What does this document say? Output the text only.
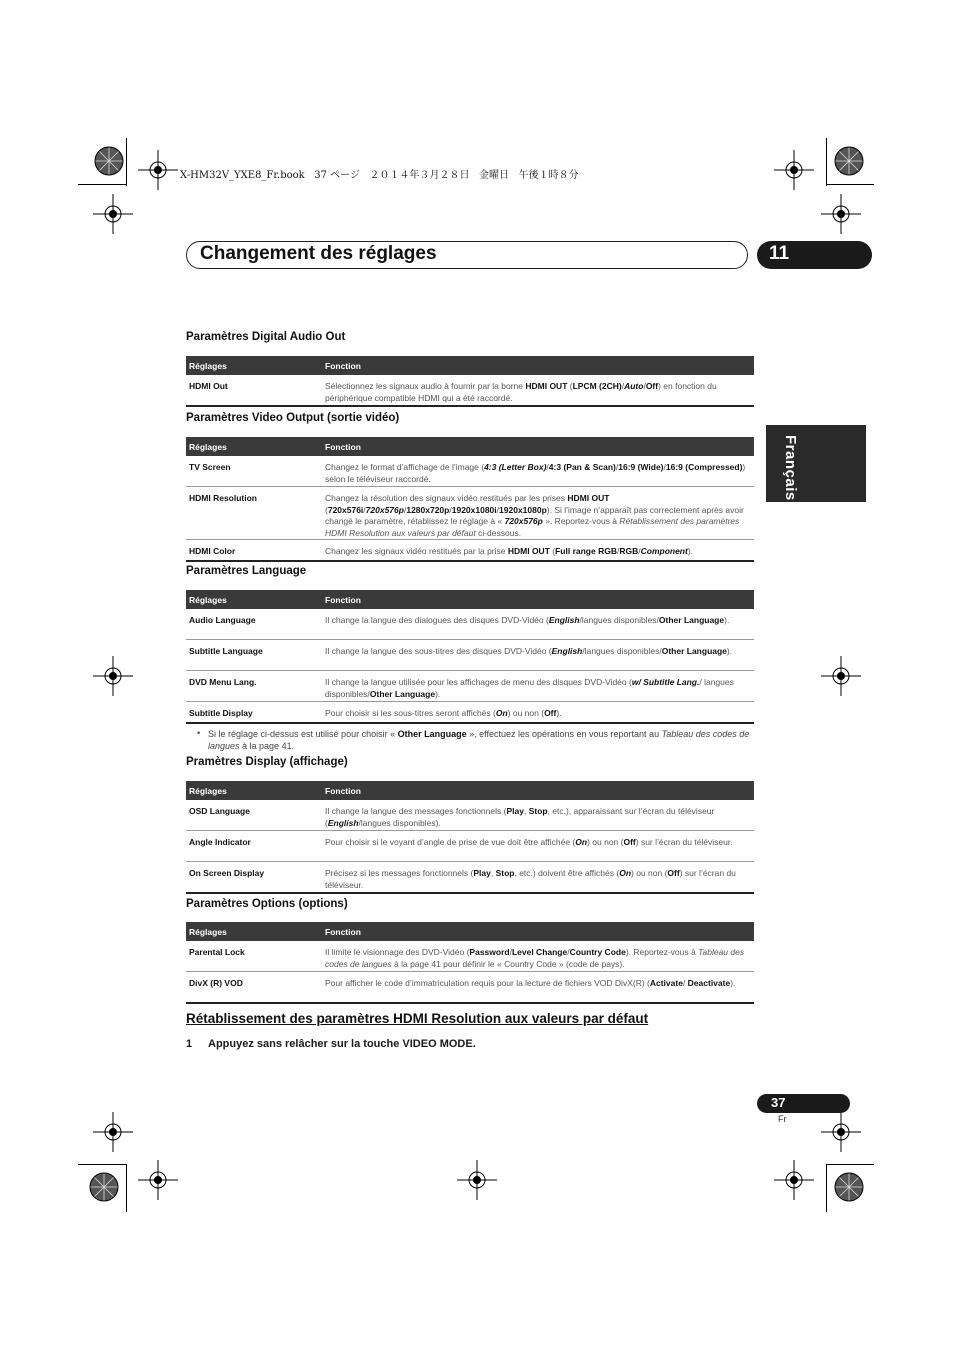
X-HM32V_YXE8_Fr.book   37 ページ   ２０１４年３月２８日   金曜日   午後１時８分
Changement des réglages	11
Français
Paramètres Digital Audio Out
Réglages	Fonction
HDMI Out	Sélectionnez les signaux audio à fournir par la borne HDMI OUT (LPCM (2CH)/Auto/Off) en fonction du périphérique compatible HDMI qui a été raccordé.
Paramètres Video Output (sortie vidéo)
Réglages	Fonction
TV Screen	Changez le format d’affichage de l’image (4:3 (Letter Box)/4:3 (Pan & Scan)/16:9 (Wide)/16:9 (Compressed)) selon le téléviseur raccordé.
HDMI Resolution	Changez la résolution des signaux vidéo restitués par les prises HDMI OUT (720x576i/720x576p/1280x720p/1920x1080i/1920x1080p). Si l’image n’apparaît pas correctement après avoir changé le paramètre, rétablissez le réglage à « 720x576p ». Reportez-vous à Rétablissement des paramètres HDMI Resolution aux valeurs par défaut ci-dessous.
HDMI Color	Changez les signaux vidéo restitués par la prise HDMI OUT (Full range RGB/RGB/Component).
Paramètres Language
Réglages	Fonction
Audio Language	Il change la langue des dialogues des disques DVD-Vidéo (English/langues disponibles/Other Language).
Subtitle Language	Il change la langue des sous-titres des disques DVD-Vidéo (English/langues disponibles/Other Language).
DVD Menu Lang.	Il change la langue utilisée pour les affichages de menu des disques DVD-Vidéo (w/ Subtitle Lang./ langues disponibles/Other Language).
Subtitle Display	Pour choisir si les sous-titres seront affichés (On) ou non (Off).
• Si le réglage ci-dessus est utilisé pour choisir « Other Language », effectuez les opérations en vous reportant au Tableau des codes de langues à la page 41.
Pramètres Display (affichage)
Réglages	Fonction
OSD Language	Il change la langue des messages fonctionnels (Play, Stop, etc.), apparaissant sur l’écran du téléviseur (English/langues disponibles).
Angle Indicator	Pour choisir si le voyant d’angle de prise de vue doit être affichée (On) ou non (Off) sur l’écran du téléviseur.
On Screen Display	Précisez si les messages fonctionnels (Play, Stop, etc.) doivent être affichés (On) ou non (Off) sur l’écran du téléviseur.
Paramètres Options (options)
Réglages	Fonction
Parental Lock	Il limite le visionnage des DVD-Vidéo (Password/Level Change/Country Code). Reportez-vous à Tableau des codes de langues à la page 41 pour définir le « Country Code » (code de pays).
DivX (R) VOD	Pour afficher le code d’immatriculation requis pour la lecture de fichiers VOD DivX(R) (Activate/ Deactivate).
Rétablissement des paramètres HDMI Resolution aux valeurs par défaut
1 Appuyez sans relâcher sur la touche VIDEO MODE.
37
Fr
